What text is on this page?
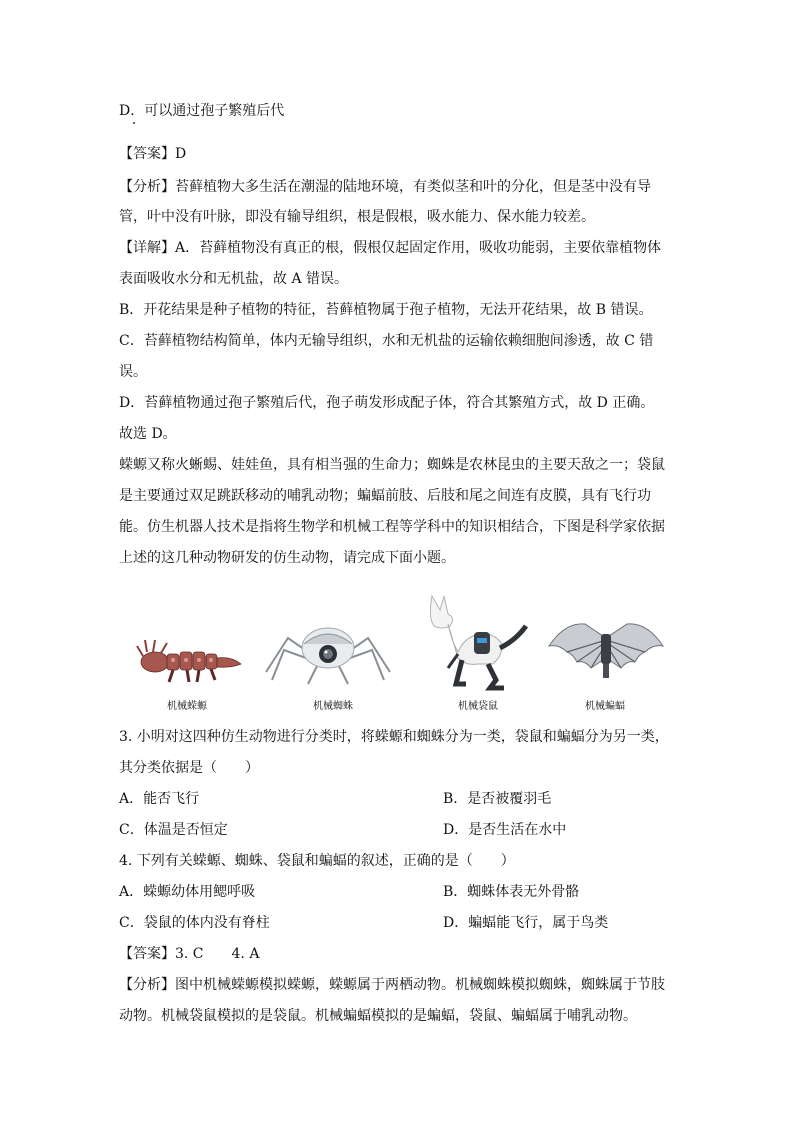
D．可以通过孢子繁殖后代
【答案】D
【分析】苔藓植物大多生活在潮湿的陆地环境，有类似茎和叶的分化，但是茎中没有导
管，叶中没有叶脉，即没有输导组织，根是假根，吸水能力、保水能力较差。
【详解】A．苔藓植物没有真正的根，假根仅起固定作用，吸收功能弱，主要依靠植物体
表面吸收水分和无机盐，故 A 错误。
B．开花结果是种子植物的特征，苔藓植物属于孢子植物，无法开花结果，故 B 错误。
C．苔藓植物结构简单，体内无输导组织，水和无机盐的运输依赖细胞间渗透，故 C 错
误。
D．苔藓植物通过孢子繁殖后代，孢子萌发形成配子体，符合其繁殖方式，故 D 正确。
故选 D。
蝾螈又称火蜥蜴、娃娃鱼，具有相当强的生命力；蜘蛛是农林昆虫的主要天敌之一；袋鼠
是主要通过双足跳跃移动的哺乳动物；蝙蝠前肢、后肢和尾之间连有皮膜，具有飞行功
能。仿生机器人技术是指将生物学和机械工程等学科中的知识相结合，下图是科学家依据
上述的这几种动物研发的仿生动物，请完成下面小题。
机械蝾螈	机械蜘蛛	机械袋鼠	机械蝙蝠
3. 小明对这四种仿生动物进行分类时，将蝾螈和蜘蛛分为一类，袋鼠和蝙蝠分为另一类，
其分类依据是（　　）
A．能否飞行	B．是否被覆羽毛
C．体温是否恒定	D．是否生活在水中
4. 下列有关蝾螈、蜘蛛、袋鼠和蝙蝠的叙述，正确的是（　　）
A．蝾螈幼体用鳃呼吸	B．蜘蛛体表无外骨骼
C．袋鼠的体内没有脊柱	D．蝙蝠能飞行，属于鸟类
【答案】3. C　　4. A
【分析】图中机械蝾螈模拟蝾螈，蝾螈属于两栖动物。机械蜘蛛模拟蜘蛛，蜘蛛属于节肢
动物。机械袋鼠模拟的是袋鼠。机械蝙蝠模拟的是蝙蝠，袋鼠、蝙蝠属于哺乳动物。
